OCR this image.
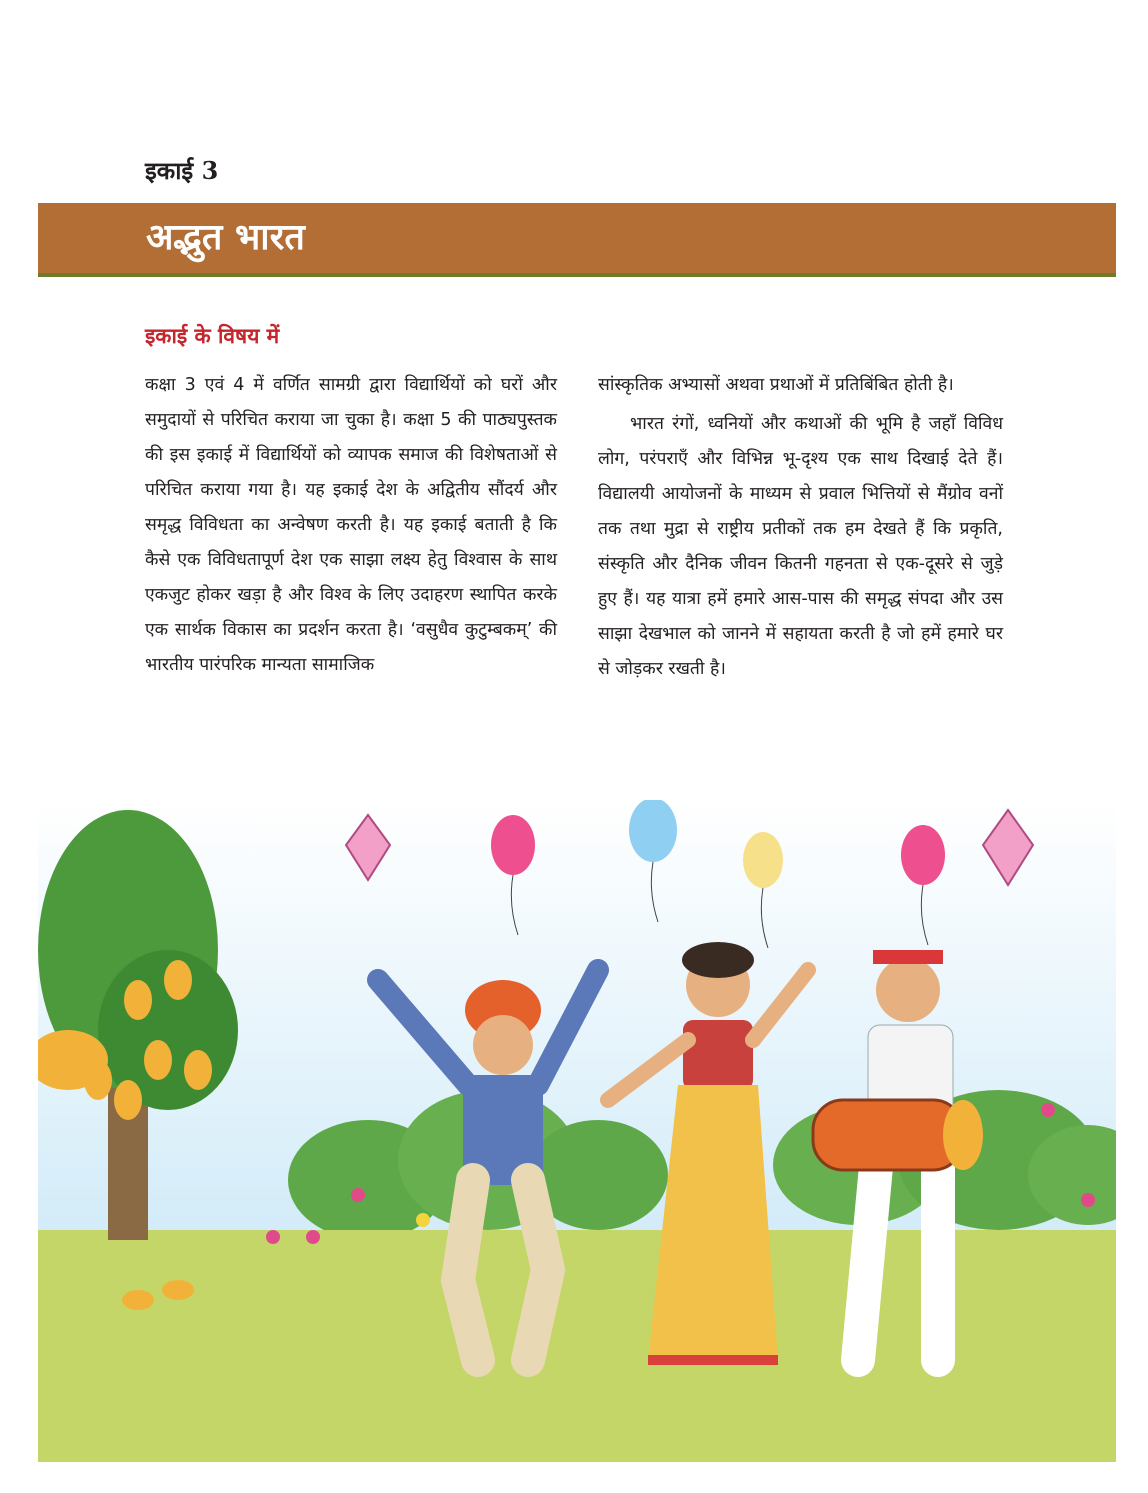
इकाई 3
अद्भुत भारत
इकाई के विषय में

कक्षा 3 एवं 4 में वर्णित सामग्री द्वारा विद्यार्थियों को घरों और समुदायों से परिचित कराया जा चुका है। कक्षा 5 की पाठ्यपुस्तक की इस इकाई में विद्यार्थियों को व्यापक समाज की विशेषताओं से परिचित कराया गया है। यह इकाई देश के अद्वितीय सौंदर्य और समृद्ध विविधता का अन्वेषण करती है। यह इकाई बताती है कि कैसे एक विविधतापूर्ण देश एक साझा लक्ष्य हेतु विश्वास के साथ एकजुट होकर खड़ा है और विश्व के लिए उदाहरण स्थापित करके एक सार्थक विकास का प्रदर्शन करता है। ‘वसुधैव कुटुम्बकम्’ की भारतीय पारंपरिक मान्यता सामाजिक

सांस्कृतिक अभ्यासों अथवा प्रथाओं में प्रतिबिंबित होती है।

भारत रंगों, ध्वनियों और कथाओं की भूमि है जहाँ विविध लोग, परंपराएँ और विभिन्न भू-दृश्य एक साथ दिखाई देते हैं। विद्यालयी आयोजनों के माध्यम से प्रवाल भित्तियों से मैंग्रोव वनों तक तथा मुद्रा से राष्ट्रीय प्रतीकों तक हम देखते हैं कि प्रकृति, संस्कृति और दैनिक जीवन कितनी गहनता से एक-दूसरे से जुड़े हुए हैं। यह यात्रा हमें हमारे आस-पास की समृद्ध संपदा और उस साझा देखभाल को जानने में सहायता करती है जो हमें हमारे घर से जोड़कर रखती है।
